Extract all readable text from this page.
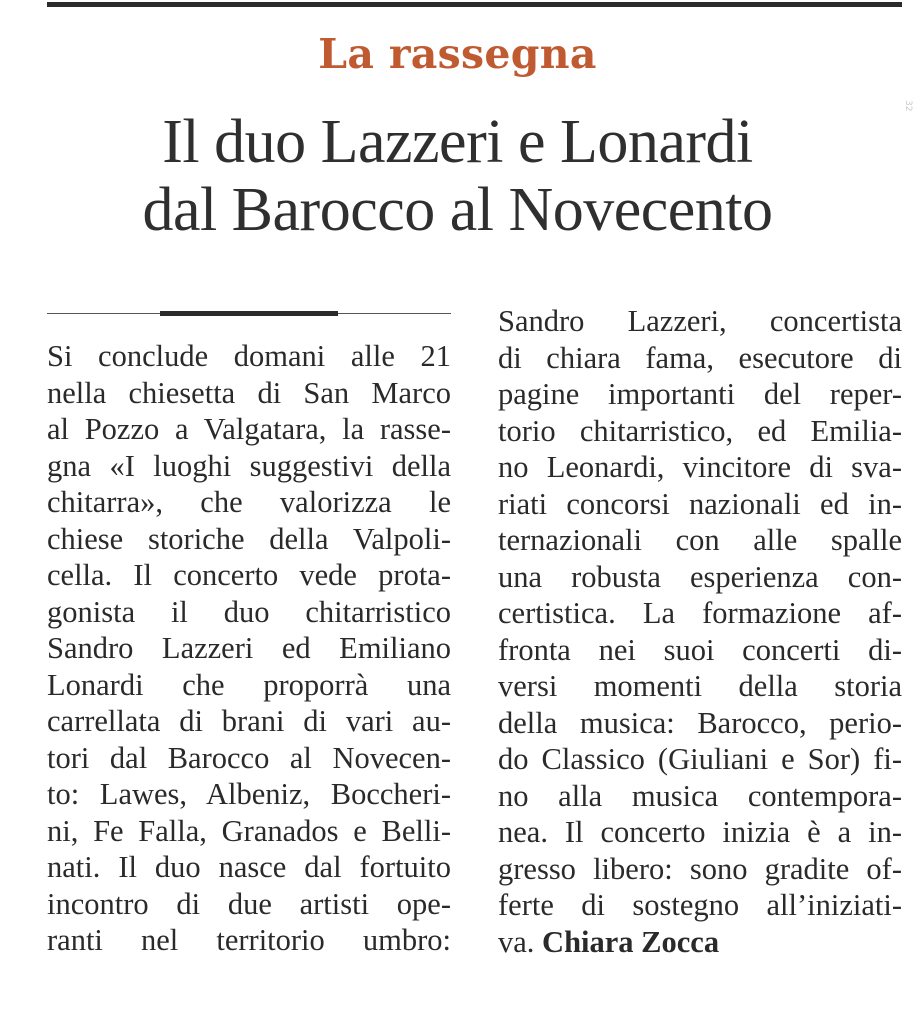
La rassegna
Il duo Lazzeri e Lonardi
dal Barocco al Novecento
32
Si conclude domani alle 21
nella chiesetta di San Marco
al Pozzo a Valgatara, la rasse-
gna «I luoghi suggestivi della
chitarra», che valorizza le
chiese storiche della Valpoli-
cella. Il concerto vede prota-
gonista il duo chitarristico
Sandro Lazzeri ed Emiliano
Lonardi che proporrà una
carrellata di brani di vari au-
tori dal Barocco al Novecen-
to: Lawes, Albeniz, Boccheri-
ni, Fe Falla, Granados e Belli-
nati. Il duo nasce dal fortuito
incontro di due artisti ope-
ranti nel territorio umbro:
Sandro Lazzeri, concertista
di chiara fama, esecutore di
pagine importanti del reper-
torio chitarristico, ed Emilia-
no Leonardi, vincitore di sva-
riati concorsi nazionali ed in-
ternazionali con alle spalle
una robusta esperienza con-
certistica. La formazione af-
fronta nei suoi concerti di-
versi momenti della storia
della musica: Barocco, perio-
do Classico (Giuliani e Sor) fi-
no alla musica contempora-
nea. Il concerto inizia è a in-
gresso libero: sono gradite of-
ferte di sostegno all’iniziati-
va. Chiara Zocca
